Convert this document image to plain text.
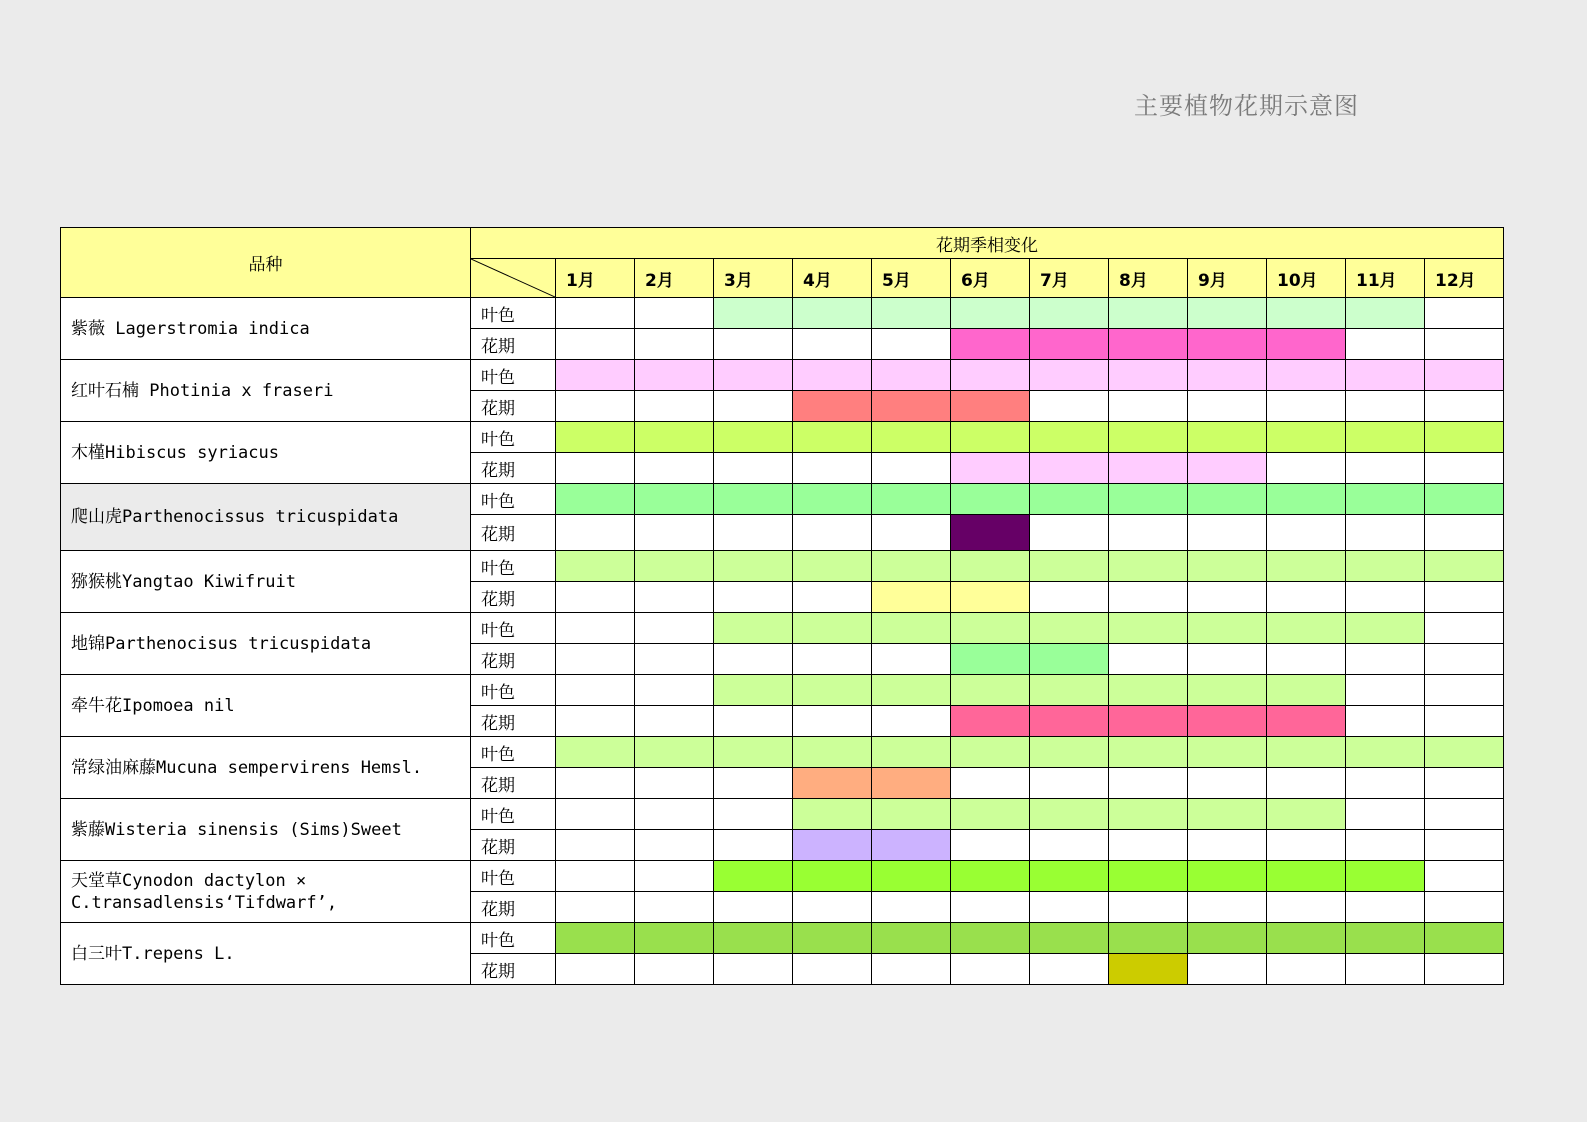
主要植物花期示意图
品种	花期季相变化												

	1月	2月	3月	4月	5月	6月	7月	8月	9月	10月	11月	12月
紫薇 Lagerstromia indica	叶色												
	花期												
红叶石楠 Photinia x fraseri	叶色												
	花期												
木槿Hibiscus syriacus	叶色												
	花期												
爬山虎Parthenocissus tricuspidata	叶色												
	花期												
猕猴桃Yangtao Kiwifruit	叶色												
	花期												
地锦Parthenocisus tricuspidata	叶色												
	花期												
牵牛花Ipomoea nil	叶色												
	花期												
常绿油麻藤Mucuna sempervirens Hemsl.	叶色												
	花期												
紫藤Wisteria sinensis (Sims)Sweet	叶色												
	花期												
天堂草Cynodon dactylon × C.transadlensis‘Tifdwarf’,	叶色												
	花期												
白三叶T.repens L.	叶色												
	花期												
